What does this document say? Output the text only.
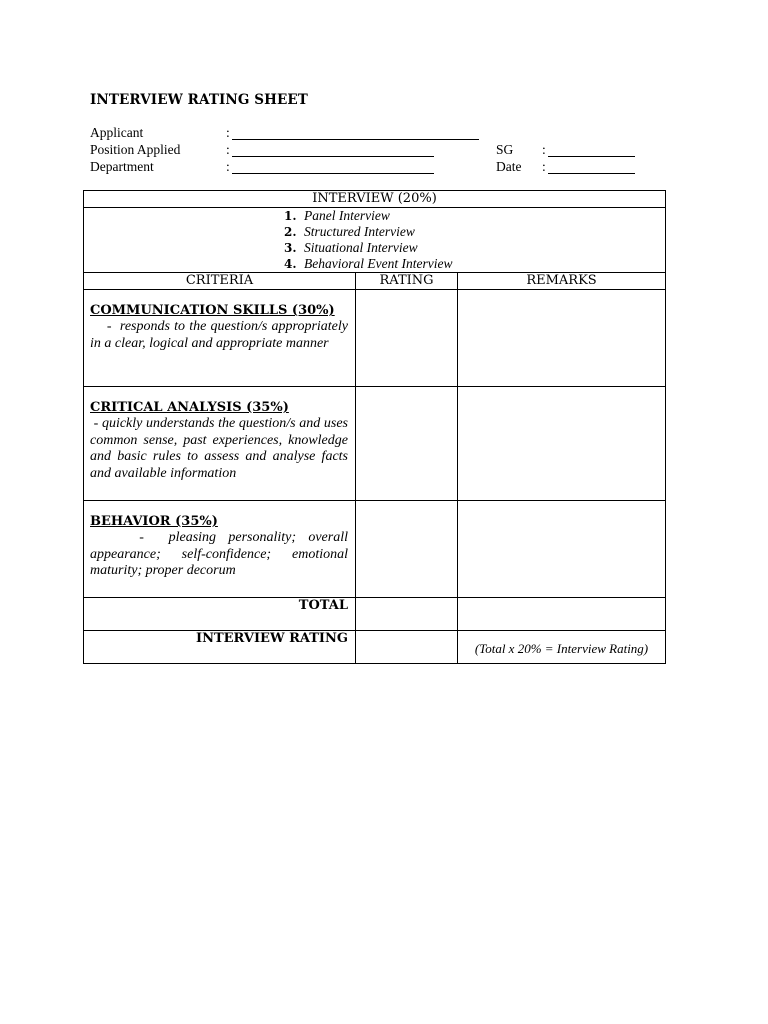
INTERVIEW RATING SHEET
Applicant	:
Position Applied	:
Department	:
SG :
Date :
INTERVIEW (20%)		

1. Panel Interview
2. Structured Interview
3. Situational Interview
4. Behavioral Event Interview		

CRITERIA	RATING	REMARKS

COMMUNICATION SKILLS (30%)
-  responds to the question/s appropriately in a clear, logical and appropriate manner		

CRITICAL ANALYSIS (35%)
- quickly understands the question/s and uses common sense, past experiences, knowledge and basic rules to assess and analyse facts and available information		

BEHAVIOR (35%)
-  pleasing personality; overall appearance; self-confidence; emotional maturity; proper decorum		

TOTAL		
INTERVIEW RATING		(Total x 20% = Interview Rating)
